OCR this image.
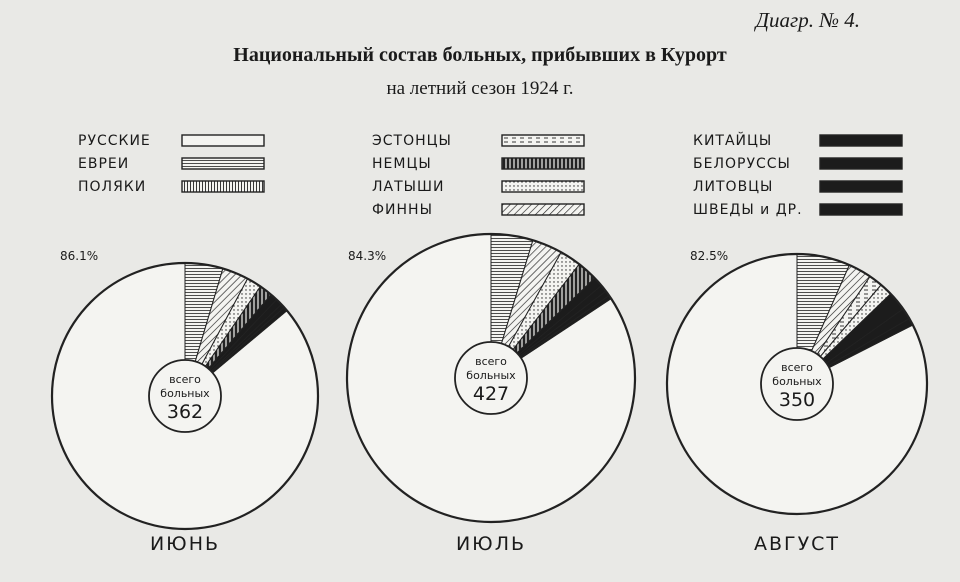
Диагр. № 4.
Национальный состав больных, прибывших в Курорт
на летний сезон 1924 г.
РУССКИЕ
ЕВРЕИ
ПОЛЯКИ
ЭСТОНЦЫ
НЕМЦЫ
ЛАТЫШИ
ФИННЫ
КИТАЙЦЫ
БЕЛОРУССЫ
ЛИТОВЦЫ
ШВЕДЫ и ДР.
всего
больных
362
86.1%
ИЮНЬ
всего
больных
427
84.3%
ИЮЛЬ
всего
больных
350
82.5%
АВГУСТ
